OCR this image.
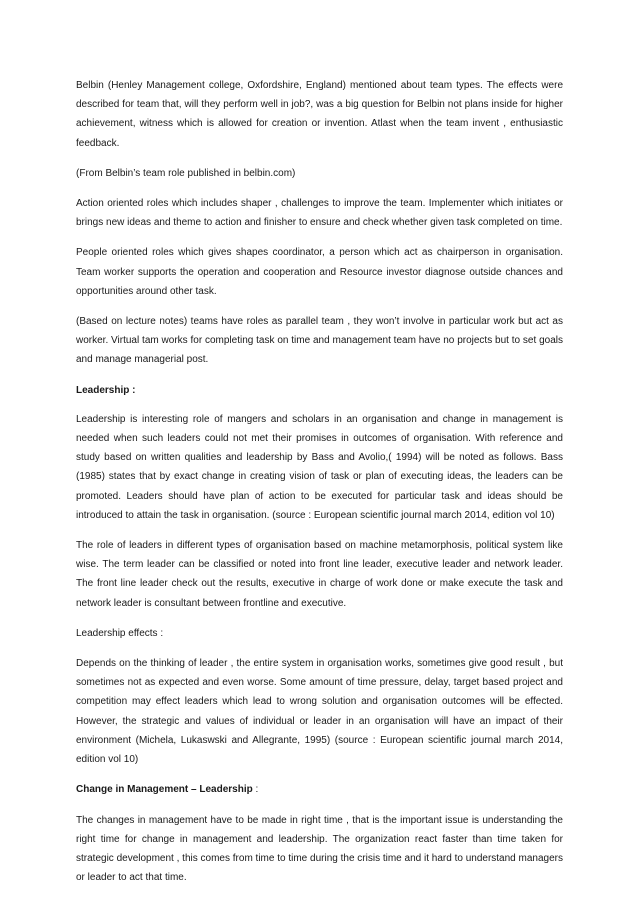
Belbin (Henley Management college, Oxfordshire, England) mentioned about team types. The effects were described for team that, will they perform well in job?, was a big question for Belbin not plans inside for higher achievement, witness which is allowed for creation or invention. Atlast when the team invent , enthusiastic feedback.

(From Belbin’s team role published in belbin.com)

Action oriented roles which includes shaper , challenges to improve the team. Implementer which initiates or brings new ideas and theme to action and finisher to ensure and check whether given task completed on time.

People oriented roles which gives shapes coordinator, a person which act as chairperson in organisation. Team worker supports the operation and cooperation and Resource investor diagnose outside chances and opportunities around other task.

(Based on lecture notes) teams have roles as parallel team , they won’t involve in particular work but act as worker. Virtual tam works for completing task on time and management team have no projects but to set goals and manage managerial post.

Leadership :

Leadership is interesting role of mangers and scholars in an organisation and change in management is needed when such leaders could not met their promises in outcomes of organisation. With reference and study based on written qualities and leadership by Bass and Avolio,( 1994) will be noted as follows. Bass (1985) states that by exact change in creating vision of task or plan of executing ideas, the leaders can be promoted. Leaders should have plan of action to be executed for particular task and ideas should be introduced to attain the task in organisation. (source : European scientific journal march 2014, edition vol 10)

The role of leaders in different types of organisation based on machine metamorphosis, political system like wise. The term leader can be classified or noted into front line leader, executive leader and network leader. The front line leader check out the results, executive in charge of work done or make execute the task and network leader is consultant between frontline and executive.

Leadership effects :

Depends on the thinking of leader , the entire system in organisation works, sometimes give good result , but sometimes not as expected and even worse. Some amount of time pressure, delay, target based project and competition may effect leaders which lead to wrong solution and organisation outcomes will be effected. However, the strategic and values of individual or leader in an organisation will have an impact of their environment (Michela, Lukaswski and Allegrante, 1995) (source : European scientific journal march 2014, edition vol 10)

Change in Management – Leadership :

The changes in management have to be made in right time , that is the important issue is understanding the right time for change in management and leadership. The organization react faster than time taken for strategic development , this comes from time to time during the crisis time and it hard to understand managers or leader to act that time.
